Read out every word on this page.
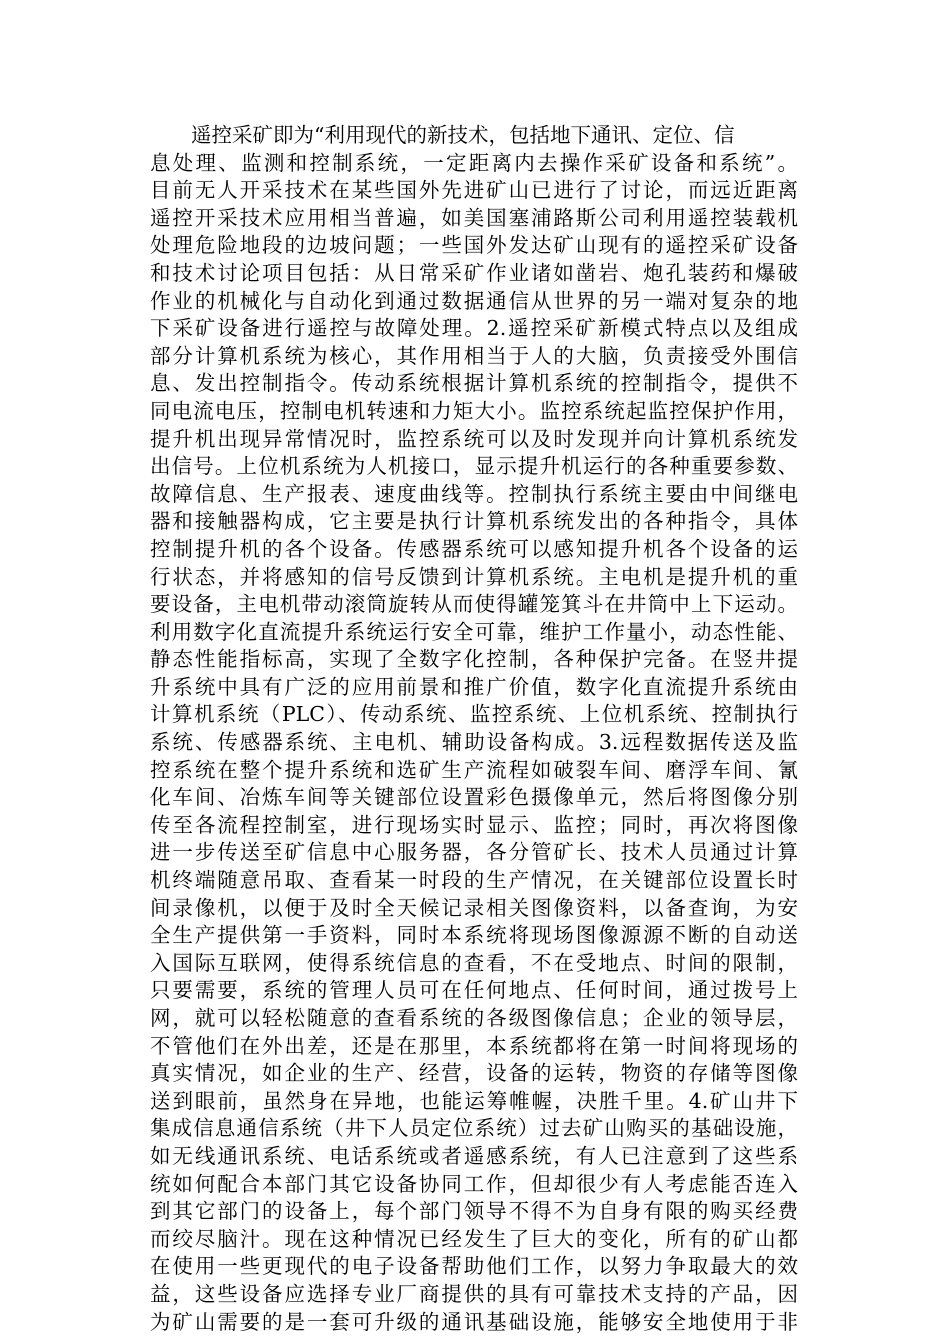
　　遥控采矿即为“利用现代的新技术，包括地下通讯、定位、信
息处理、监测和控制系统，一定距离内去操作采矿设备和系统”。
目前无人开采技术在某些国外先进矿山已进行了讨论，而远近距离
遥控开采技术应用相当普遍，如美国塞浦路斯公司利用遥控装载机
处理危险地段的边坡问题；一些国外发达矿山现有的遥控采矿设备
和技术讨论项目包括：从日常采矿作业诸如凿岩、炮孔装药和爆破
作业的机械化与自动化到通过数据通信从世界的另一端对复杂的地
下采矿设备进行遥控与故障处理。2.遥控采矿新模式特点以及组成
部分计算机系统为核心，其作用相当于人的大脑，负责接受外围信
息、发出控制指令。传动系统根据计算机系统的控制指令，提供不
同电流电压，控制电机转速和力矩大小。监控系统起监控保护作用，
提升机出现异常情况时，监控系统可以及时发现并向计算机系统发
出信号。上位机系统为人机接口，显示提升机运行的各种重要参数、
故障信息、生产报表、速度曲线等。控制执行系统主要由中间继电
器和接触器构成，它主要是执行计算机系统发出的各种指令，具体
控制提升机的各个设备。传感器系统可以感知提升机各个设备的运
行状态，并将感知的信号反馈到计算机系统。主电机是提升机的重
要设备，主电机带动滚筒旋转从而使得罐笼箕斗在井筒中上下运动。
利用数字化直流提升系统运行安全可靠，维护工作量小，动态性能、
静态性能指标高，实现了全数字化控制，各种保护完备。在竖井提
升系统中具有广泛的应用前景和推广价值，数字化直流提升系统由
计算机系统（PLC）、传动系统、监控系统、上位机系统、控制执行
系统、传感器系统、主电机、辅助设备构成。3.远程数据传送及监
控系统在整个提升系统和选矿生产流程如破裂车间、磨浮车间、氰
化车间、冶炼车间等关键部位设置彩色摄像单元，然后将图像分别
传至各流程控制室，进行现场实时显示、监控；同时，再次将图像
进一步传送至矿信息中心服务器，各分管矿长、技术人员通过计算
机终端随意吊取、查看某一时段的生产情况，在关键部位设置长时
间录像机，以便于及时全天候记录相关图像资料，以备查询，为安
全生产提供第一手资料，同时本系统将现场图像源源不断的自动送
入国际互联网，使得系统信息的查看，不在受地点、时间的限制，
只要需要，系统的管理人员可在任何地点、任何时间，通过拨号上
网，就可以轻松随意的查看系统的各级图像信息；企业的领导层，
不管他们在外出差，还是在那里，本系统都将在第一时间将现场的
真实情况，如企业的生产、经营，设备的运转，物资的存储等图像
送到眼前，虽然身在异地，也能运筹帷幄，决胜千里。4.矿山井下
集成信息通信系统（井下人员定位系统）过去矿山购买的基础设施，
如无线通讯系统、电话系统或者遥感系统，有人已注意到了这些系
统如何配合本部门其它设备协同工作，但却很少有人考虑能否连入
到其它部门的设备上，每个部门领导不得不为自身有限的购买经费
而绞尽脑汁。现在这种情况已经发生了巨大的变化，所有的矿山都
在使用一些更现代的电子设备帮助他们工作，以努力争取最大的效
益，这些设备应选择专业厂商提供的具有可靠技术支持的产品，因
为矿山需要的是一套可升级的通讯基础设施，能够安全地使用于非
